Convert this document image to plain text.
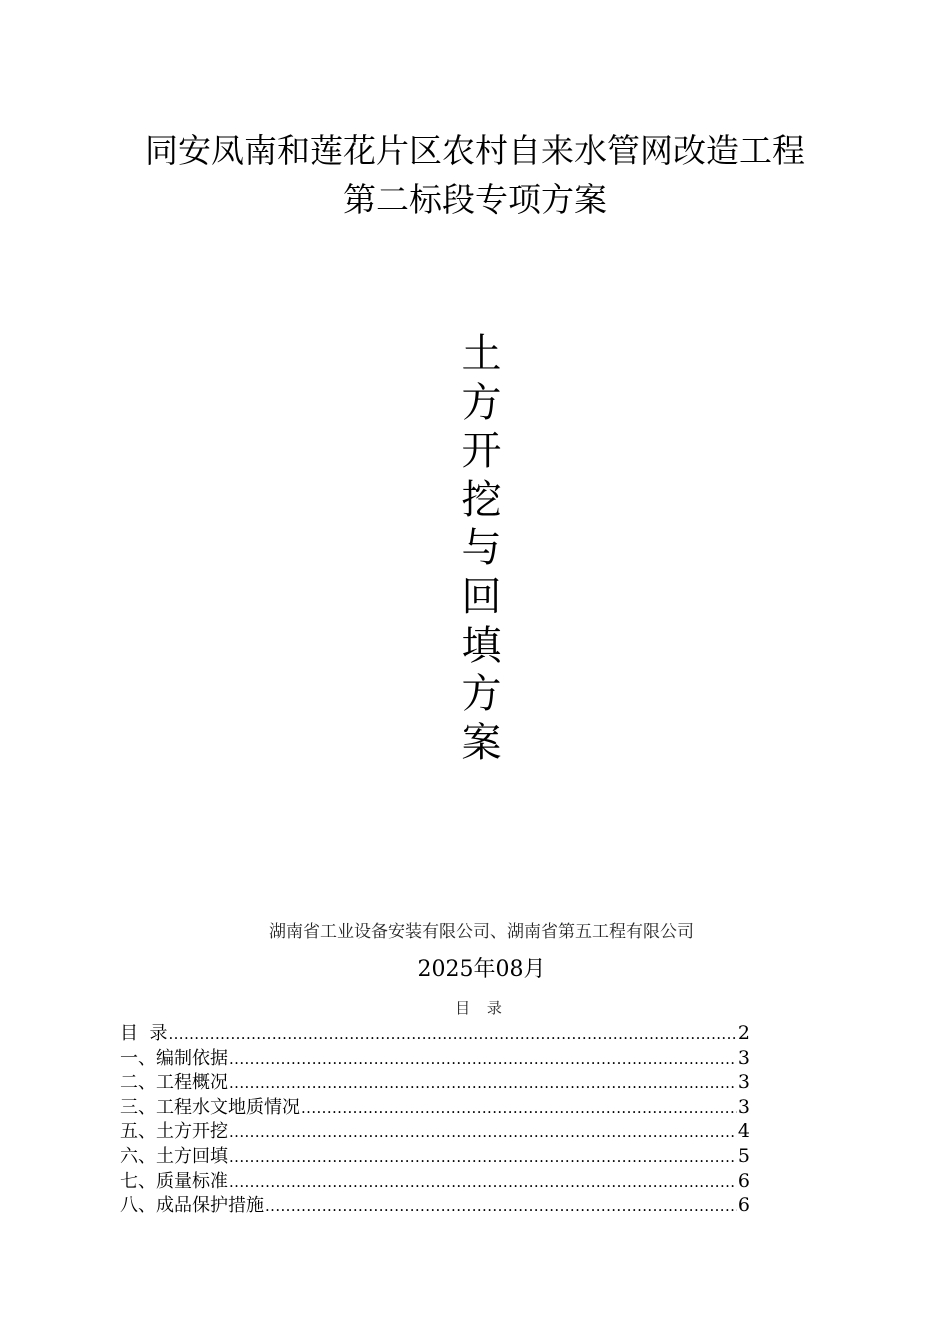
同安凤南和莲花片区农村自来水管网改造工程
第二标段专项方案
土
方
开
挖
与
回
填
方
案
湖南省工业设备安装有限公司、湖南省第五工程有限公司
2025年08月
目 录
目  录 .....	2
一、编制依据 .....	3
二、工程概况 .....	3
三、工程水文地质情况 .....	3
五、土方开挖 .....	4
六、土方回填 .....	5
七、质量标准 .....	6
八、成品保护措施 .....	6
